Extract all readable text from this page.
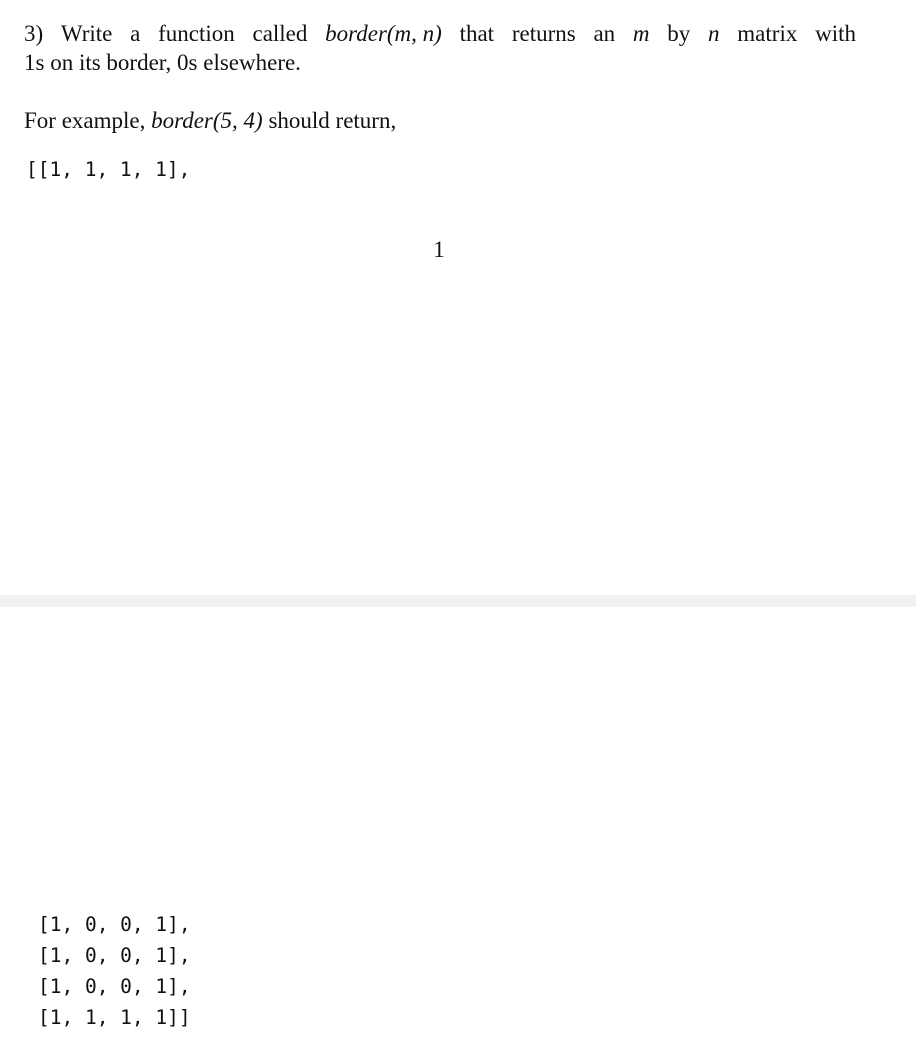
3) Write a function called border(m, n) that returns an m by n matrix with
1s on its border, 0s elsewhere.
For example, border(5, 4) should return,
[[1, 1, 1, 1],
1
[1, 0, 0, 1],
[1, 0, 0, 1],
[1, 0, 0, 1],
[1, 1, 1, 1]]
